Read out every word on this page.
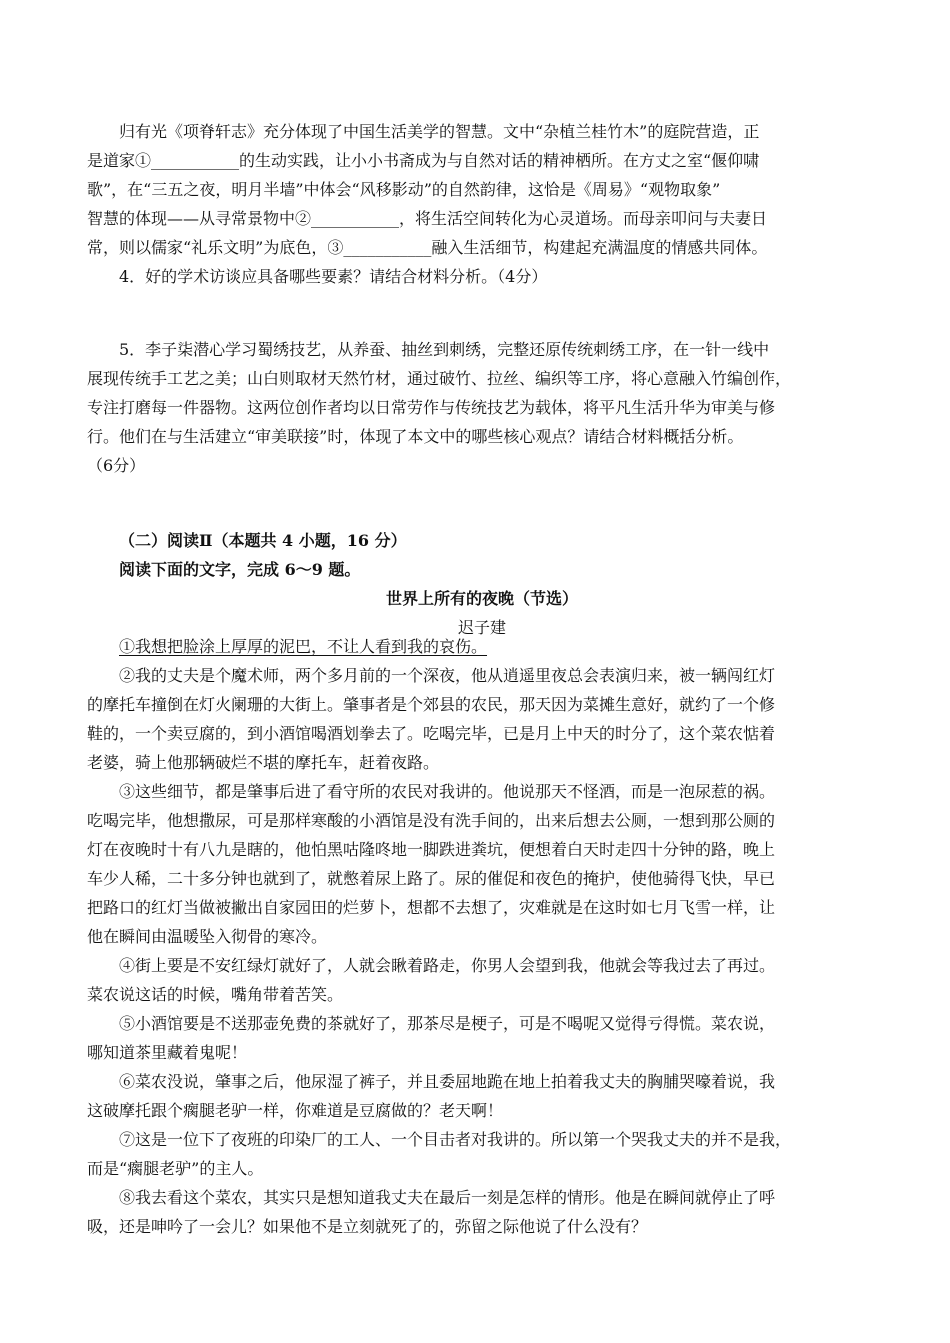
归有光《项脊轩志》充分体现了中国生活美学的智慧。文中“杂植兰桂竹木”的庭院营造，正
是道家①___________的生动实践，让小小书斋成为与自然对话的精神栖所。在方丈之室“偃仰啸
歌”，在“三五之夜，明月半墙”中体会“风移影动”的自然韵律，这恰是《周易》“观物取象”
智慧的体现——从寻常景物中②___________，将生活空间转化为心灵道场。而母亲叩问与夫妻日
常，则以儒家“礼乐文明”为底色，③___________融入生活细节，构建起充满温度的情感共同体。
4．好的学术访谈应具备哪些要素？请结合材料分析。（4分）
5．李子柒潜心学习蜀绣技艺，从养蚕、抽丝到刺绣，完整还原传统刺绣工序，在一针一线中
展现传统手工艺之美；山白则取材天然竹材，通过破竹、拉丝、编织等工序，将心意融入竹编创作，
专注打磨每一件器物。这两位创作者均以日常劳作与传统技艺为载体，将平凡生活升华为审美与修
行。他们在与生活建立“审美联接”时，体现了本文中的哪些核心观点？请结合材料概括分析。
（6分）
（二）阅读Ⅱ（本题共 4 小题，16 分）
阅读下面的文字，完成 6～9 题。
世界上所有的夜晚（节选）
迟子建
①我想把脸涂上厚厚的泥巴，不让人看到我的哀伤。
②我的丈夫是个魔术师，两个多月前的一个深夜，他从逍遥里夜总会表演归来，被一辆闯红灯
的摩托车撞倒在灯火阑珊的大街上。肇事者是个郊县的农民，那天因为菜摊生意好，就约了一个修
鞋的，一个卖豆腐的，到小酒馆喝酒划拳去了。吃喝完毕，已是月上中天的时分了，这个菜农惦着
老婆，骑上他那辆破烂不堪的摩托车，赶着夜路。
③这些细节，都是肇事后进了看守所的农民对我讲的。他说那天不怪酒，而是一泡尿惹的祸。
吃喝完毕，他想撒尿，可是那样寒酸的小酒馆是没有洗手间的，出来后想去公厕，一想到那公厕的
灯在夜晚时十有八九是瞎的，他怕黑咕隆咚地一脚跌进粪坑，便想着白天时走四十分钟的路，晚上
车少人稀，二十多分钟也就到了，就憋着尿上路了。尿的催促和夜色的掩护，使他骑得飞快，早已
把路口的红灯当做被撇出自家园田的烂萝卜，想都不去想了，灾难就是在这时如七月飞雪一样，让
他在瞬间由温暖坠入彻骨的寒冷。
④街上要是不安红绿灯就好了，人就会瞅着路走，你男人会望到我，他就会等我过去了再过。
菜农说这话的时候，嘴角带着苦笑。
⑤小酒馆要是不送那壶免费的茶就好了，那茶尽是梗子，可是不喝呢又觉得亏得慌。菜农说，
哪知道茶里藏着鬼呢！
⑥菜农没说，肇事之后，他尿湿了裤子，并且委屈地跪在地上拍着我丈夫的胸脯哭嚎着说，我
这破摩托跟个瘸腿老驴一样，你难道是豆腐做的？老天啊！
⑦这是一位下了夜班的印染厂的工人、一个目击者对我讲的。所以第一个哭我丈夫的并不是我，
而是“瘸腿老驴”的主人。
⑧我去看这个菜农，其实只是想知道我丈夫在最后一刻是怎样的情形。他是在瞬间就停止了呼
吸，还是呻吟了一会儿？如果他不是立刻就死了的，弥留之际他说了什么没有？
